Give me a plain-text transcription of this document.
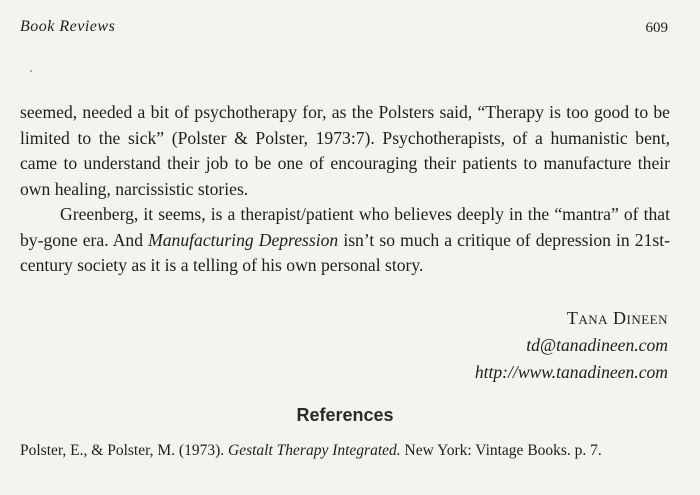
Book Reviews	609

seemed, needed a bit of psychotherapy for, as the Polsters said, “Therapy is too good to be limited to the sick” (Polster & Polster, 1973:7). Psychotherapists, of a humanistic bent, came to understand their job to be one of encouraging their patients to manufacture their own healing, narcissistic stories.

Greenberg, it seems, is a therapist/patient who believes deeply in the “mantra” of that by-gone era. And Manufacturing Depression isn’t so much a critique of depression in 21st-century society as it is a telling of his own personal story.

Tana Dineen
td@tanadineen.com
http://www.tanadineen.com
References
Polster, E., & Polster, M. (1973). Gestalt Therapy Integrated. New York: Vintage Books. p. 7.
